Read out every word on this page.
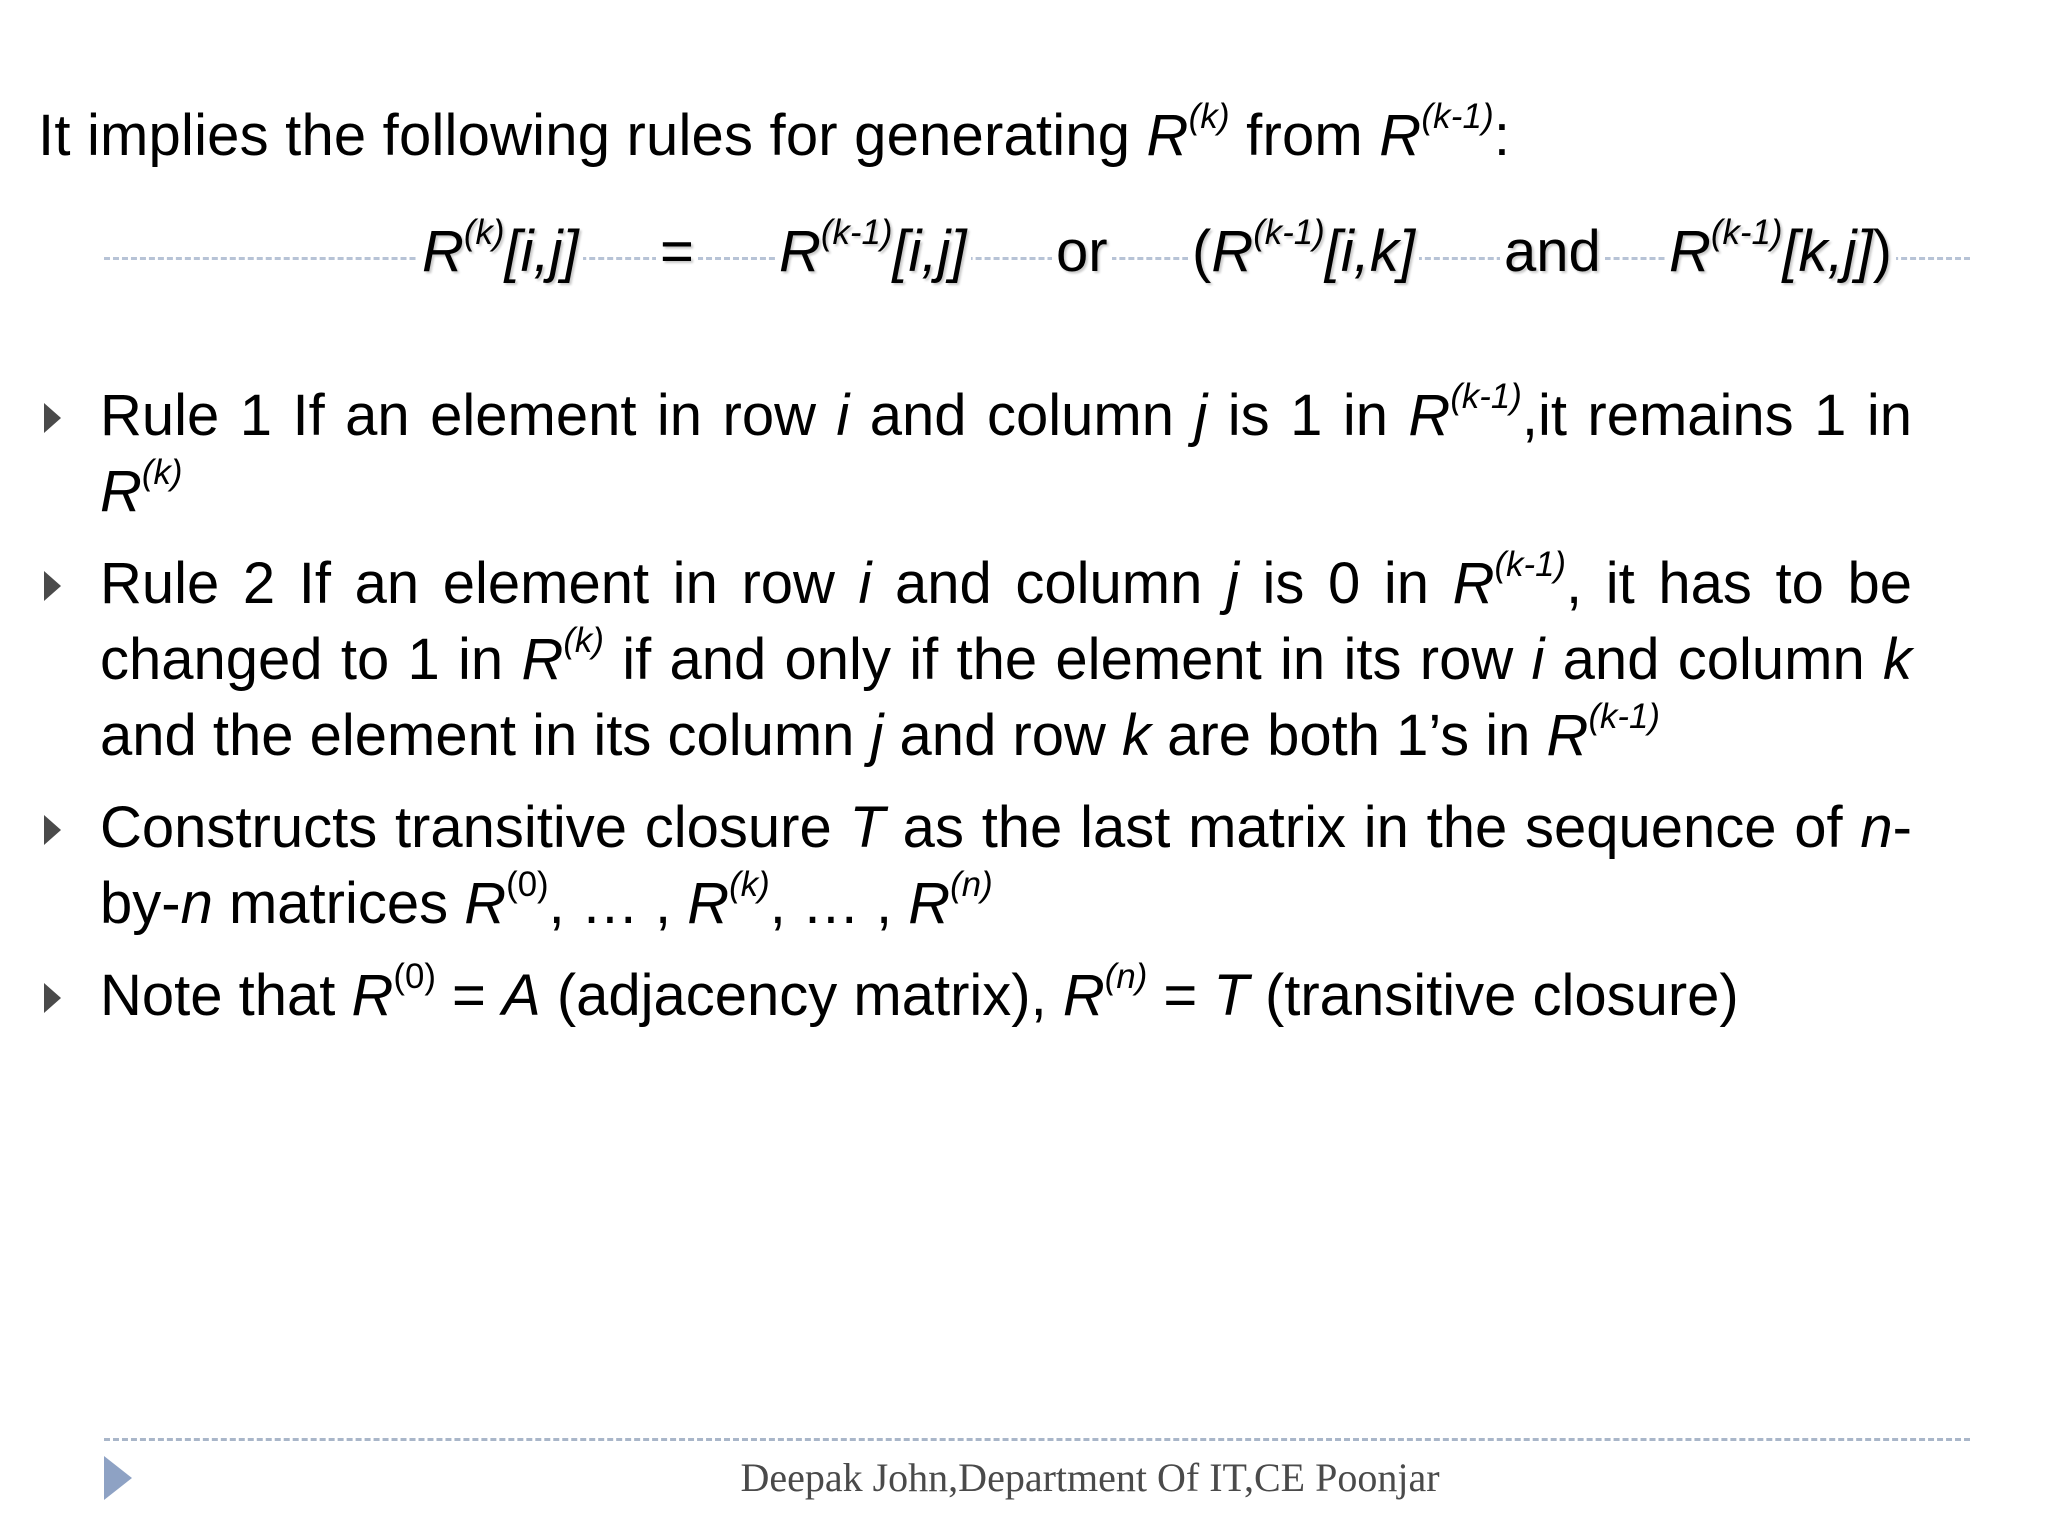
It implies the following rules for generating $R^{(k)}$ from $R^{(k-1)}$:
$R^{(k)}[i,j] = R^{(k-1)}[i,j]$ or ($R^{(k-1)}[i,k]$ and $R^{(k-1)}[k,j]$)
Rule 1 If an element in row i and column j is 1 in $R^{(k-1)},it$ remains 1 in
$R^{(k)}$
Rule 2 If an element in row i and column j is 0 in $R^{(k-1)}$, it has to be
changed to 1 in $R^{(k)}$ if and only if the element in its row i and column k
and the element in its column j and row k are both 1’s in $R^{(k-1)}$
Constructs transitive closure T as the last matrix in the sequence of n-
by-n matrices $R^{(0)}$, … , $R^{(k)}$, … , $R^{(n)}$
Note that $R^{(0)} = A$ (adjacency matrix), $R^{(n)} = T$ (transitive closure)
Deepak John,Department Of IT,CE Poonjar
